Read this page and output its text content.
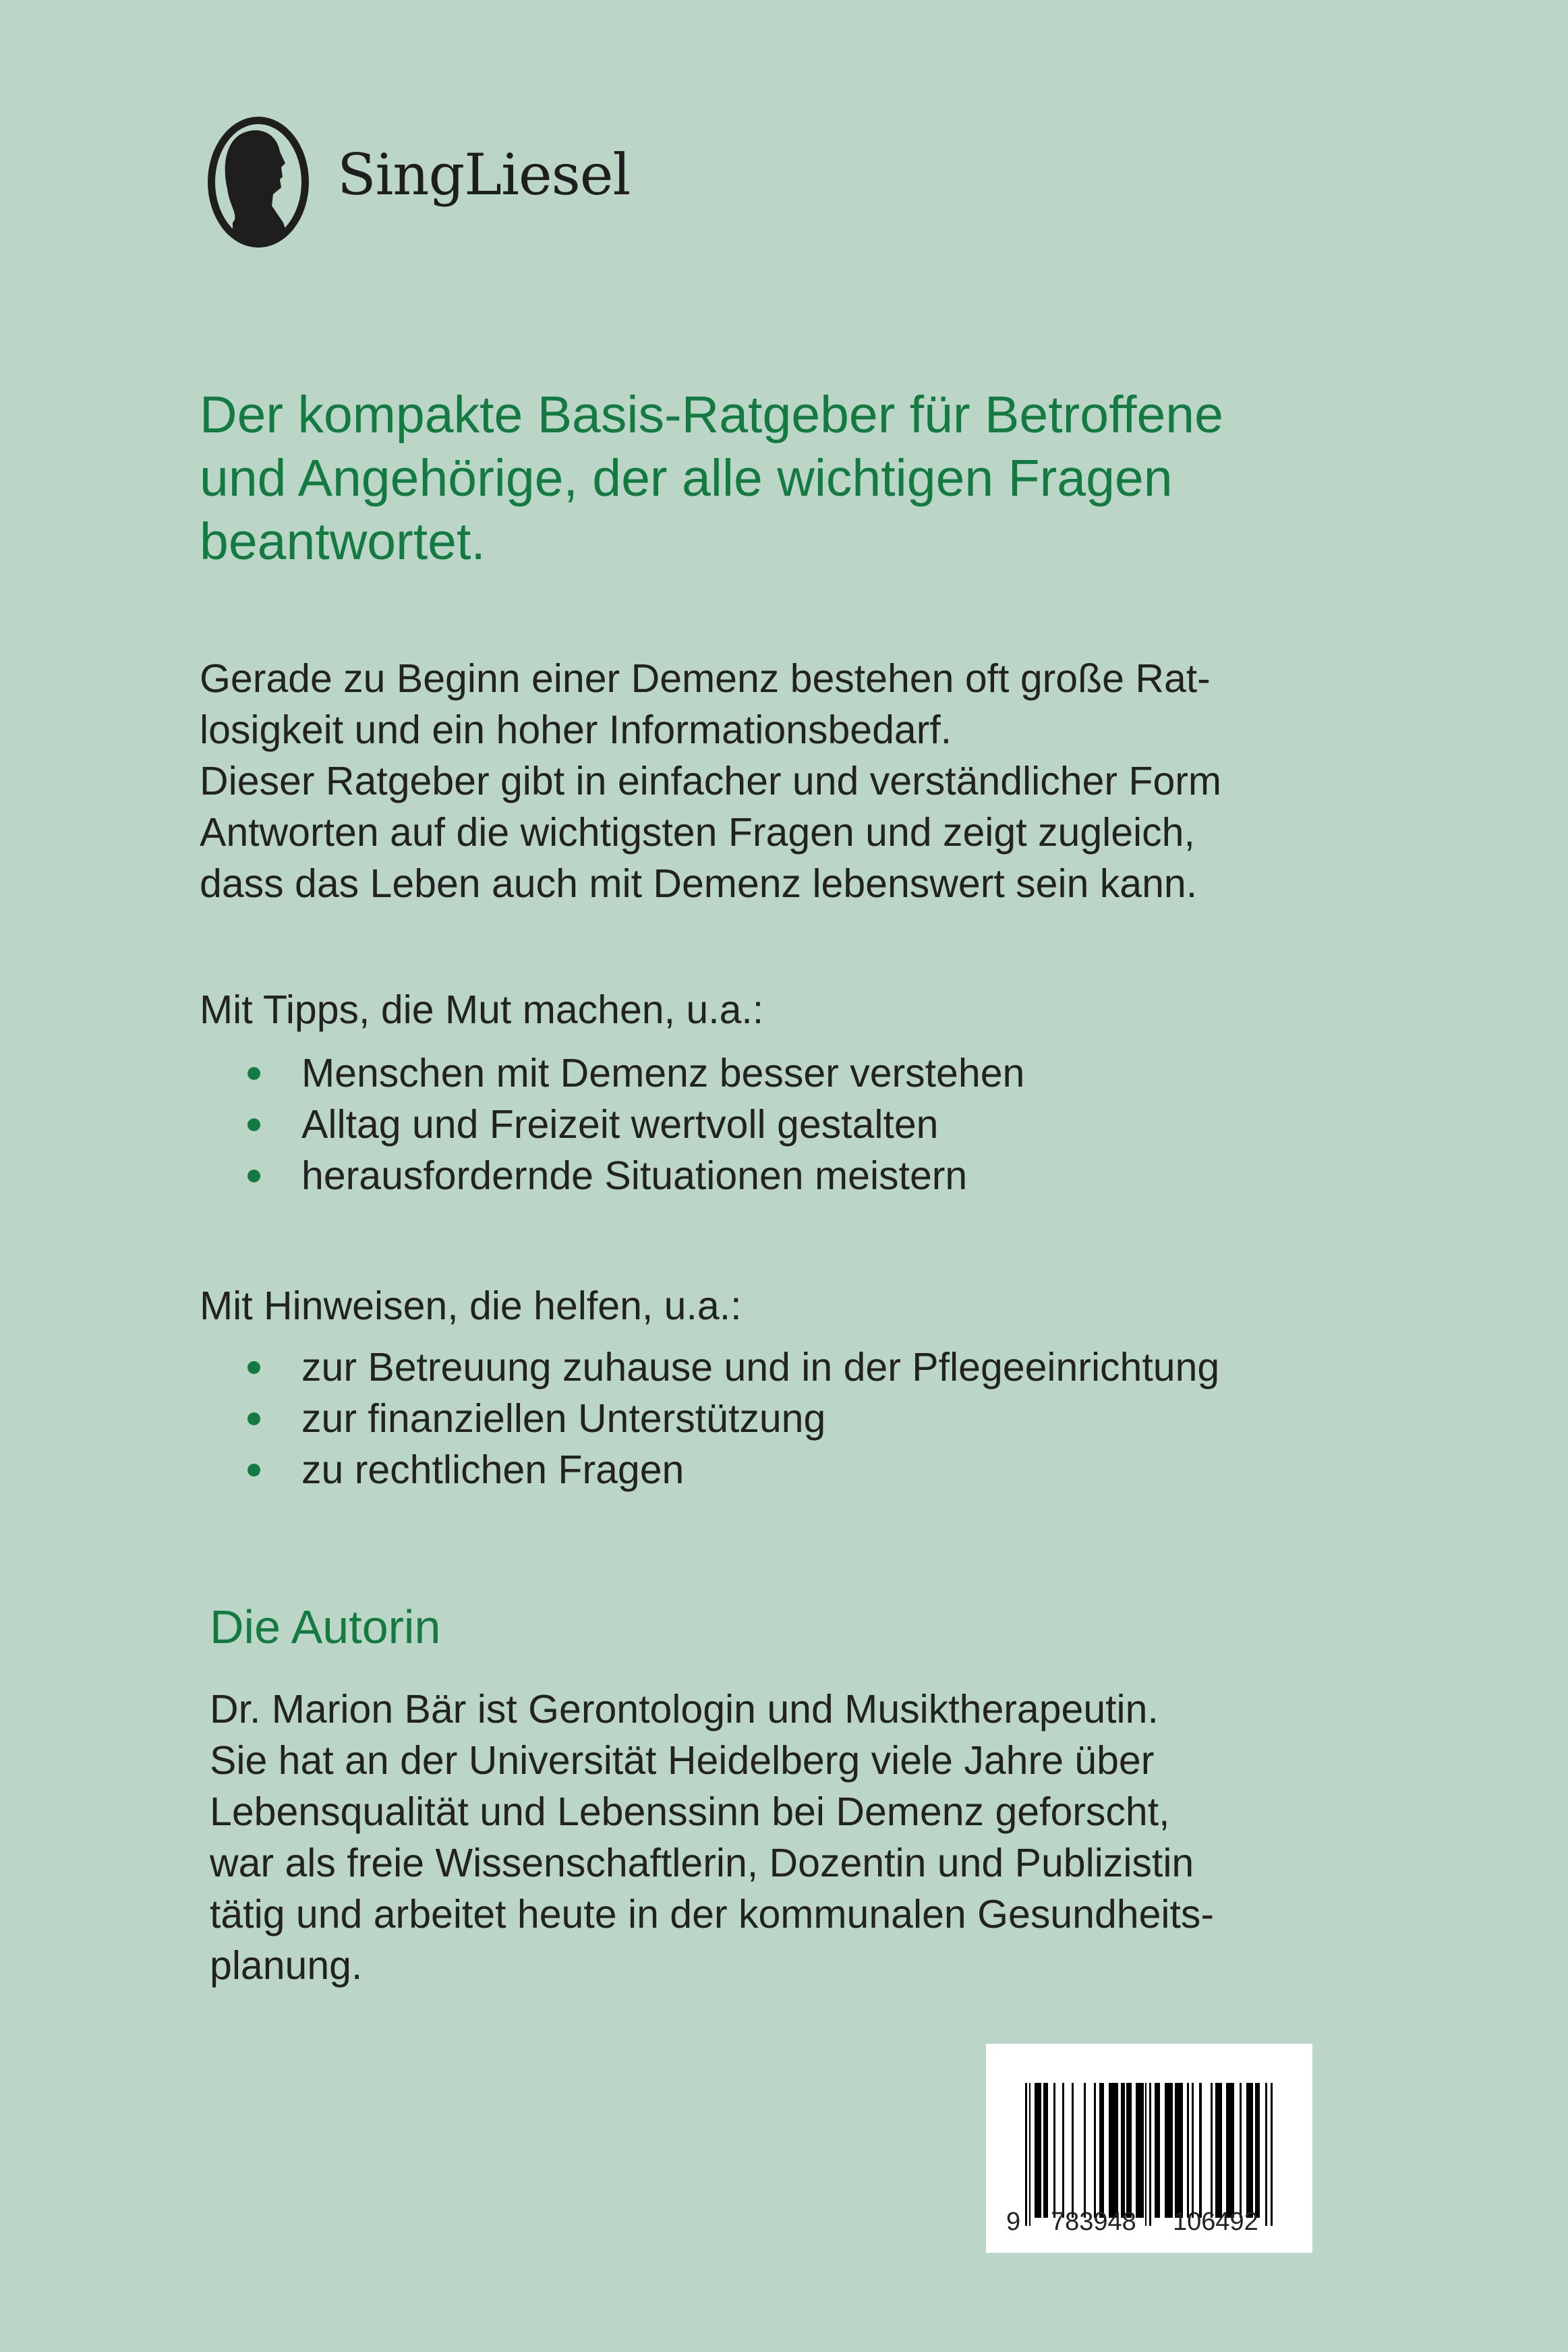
SingLiesel
Der kompakte Basis-Ratgeber für Betroffene
und Angehörige, der alle wichtigen Fragen
beantwortet.
Gerade zu Beginn einer Demenz bestehen oft große Rat-
losigkeit und ein hoher Informationsbedarf.
Dieser Ratgeber gibt in einfacher und verständlicher Form
Antworten auf die wichtigsten Fragen und zeigt zugleich,
dass das Leben auch mit Demenz lebenswert sein kann.
Mit Tipps, die Mut machen, u.a.:
Menschen mit Demenz besser verstehen
Alltag und Freizeit wertvoll gestalten
herausfordernde Situationen meistern
Mit Hinweisen, die helfen, u.a.:
zur Betreuung zuhause und in der Pflegeeinrichtung
zur finanziellen Unterstützung
zu rechtlichen Fragen
Die Autorin
Dr. Marion Bär ist Gerontologin und Musiktherapeutin.
Sie hat an der Universität Heidelberg viele Jahre über
Lebensqualität und Lebenssinn bei Demenz geforscht,
war als freie Wissenschaftlerin, Dozentin und Publizistin
tätig und arbeitet heute in der kommunalen Gesundheits-
planung.
9 783948 106492
